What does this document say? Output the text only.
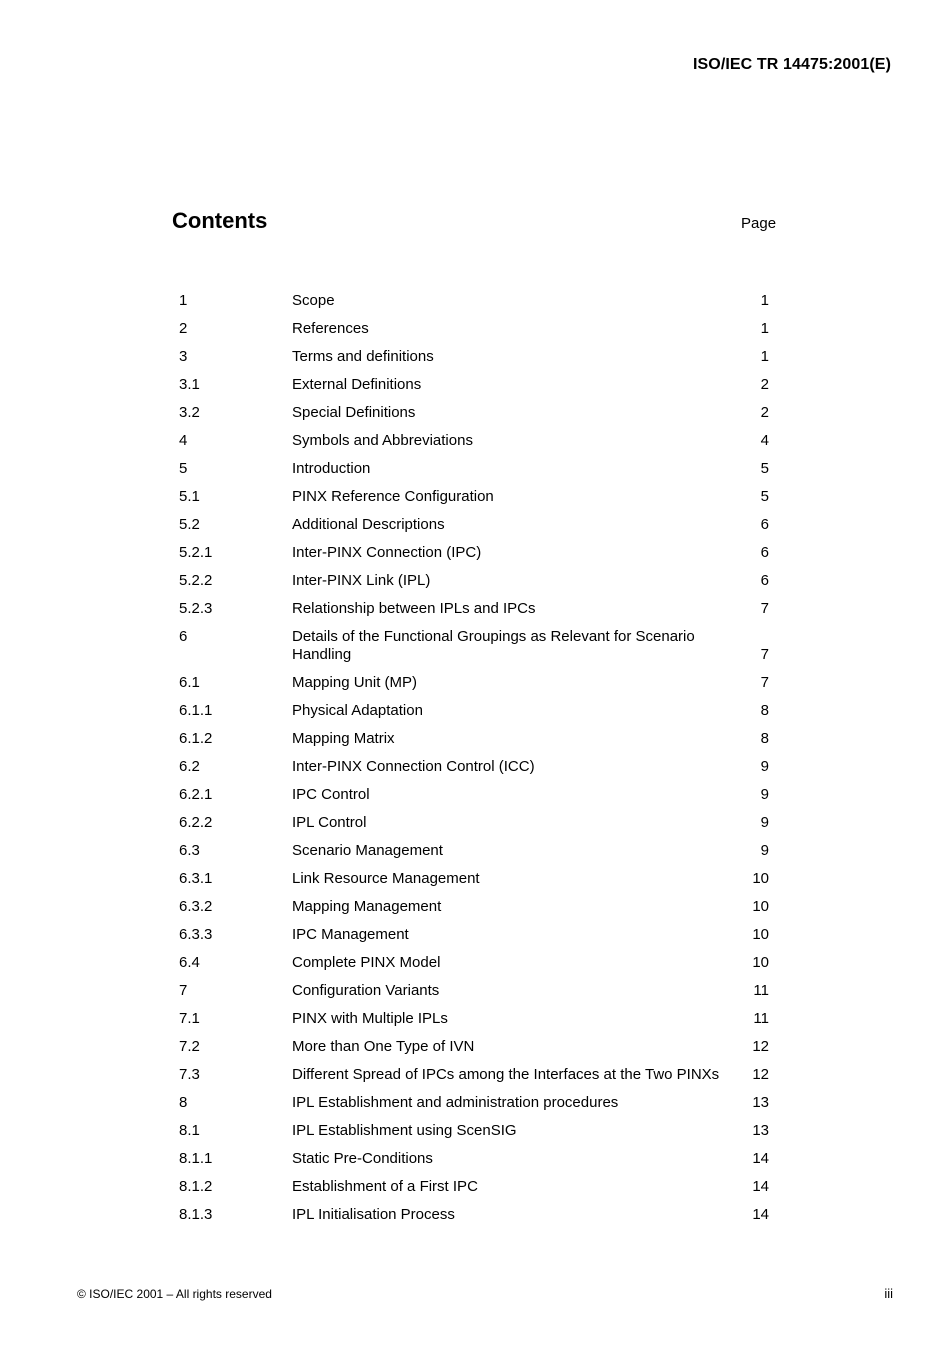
ISO/IEC TR 14475:2001(E)
Contents	Page
1	Scope	1
2	References	1
3	Terms and definitions	1
3.1	External Definitions	2
3.2	Special Definitions	2
4	Symbols and Abbreviations	4
5	Introduction	5
5.1	PINX Reference Configuration	5
5.2	Additional Descriptions	6
5.2.1	Inter-PINX Connection (IPC)	6
5.2.2	Inter-PINX Link (IPL)	6
5.2.3	Relationship between IPLs and IPCs	7
6	Details of the Functional Groupings as Relevant for Scenario Handling	7
6.1	Mapping Unit (MP)	7
6.1.1	Physical Adaptation	8
6.1.2	Mapping Matrix	8
6.2	Inter-PINX Connection Control (ICC)	9
6.2.1	IPC Control	9
6.2.2	IPL Control	9
6.3	Scenario Management	9
6.3.1	Link Resource Management	10
6.3.2	Mapping Management	10
6.3.3	IPC Management	10
6.4	Complete PINX Model	10
7	Configuration Variants	11
7.1	PINX with Multiple IPLs	11
7.2	More than One Type of IVN	12
7.3	Different Spread of IPCs among the Interfaces at the Two PINXs	12
8	IPL Establishment and administration procedures	13
8.1	IPL Establishment using ScenSIG	13
8.1.1	Static Pre-Conditions	14
8.1.2	Establishment of a First IPC	14
8.1.3	IPL Initialisation Process	14
© ISO/IEC 2001 – All rights reserved	iii
